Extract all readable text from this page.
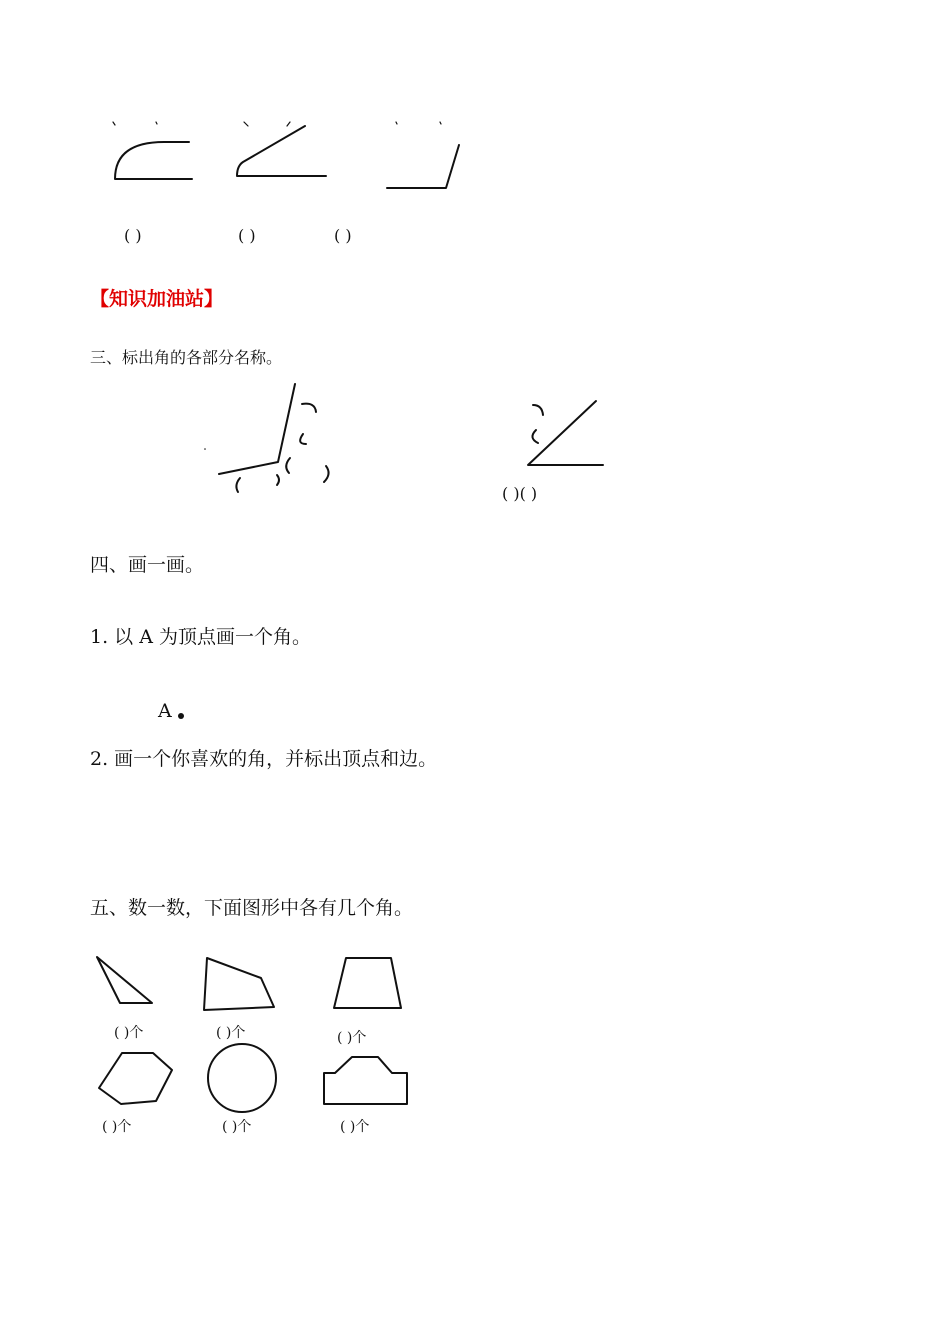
( )	( )	( )
【知识加油站】
三、标出角的各部分名称。
( )( )
四、画一画。
1. 以 A 为顶点画一个角。
A
2. 画一个你喜欢的角，并标出顶点和边。
五、数一数，下面图形中各有几个角。
( )个	( )个	( )个
( )个	( )个	( )个
